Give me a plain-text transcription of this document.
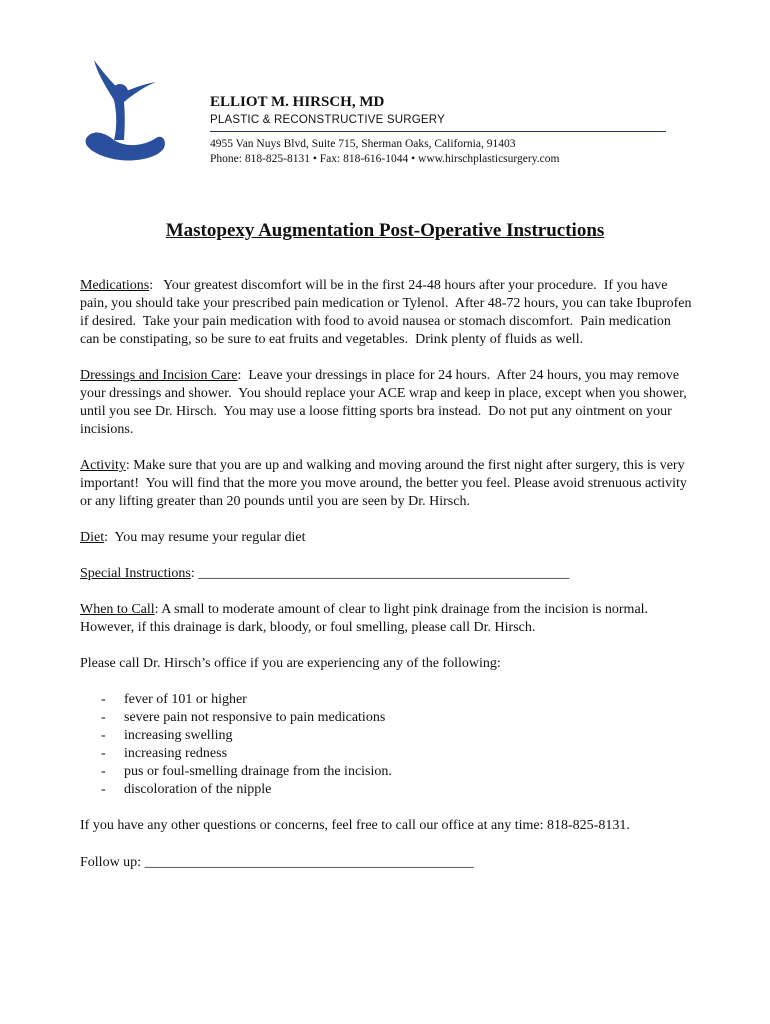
ELLIOT M. HIRSCH, MD
PLASTIC & RECONSTRUCTIVE SURGERY
4955 Van Nuys Blvd, Suite 715, Sherman Oaks, California, 91403
Phone: 818-825-8131 • Fax: 818-616-1044 • www.hirschplasticsurgery.com
Mastopexy Augmentation Post-Operative Instructions

Medications:   Your greatest discomfort will be in the first 24-48 hours after your procedure.  If you have pain, you should take your prescribed pain medication or Tylenol.  After 48-72 hours, you can take Ibuprofen if desired.  Take your pain medication with food to avoid nausea or stomach discomfort.  Pain medication can be constipating, so be sure to eat fruits and vegetables.  Drink plenty of fluids as well.

Dressings and Incision Care:  Leave your dressings in place for 24 hours.  After 24 hours, you may remove your dressings and shower.  You should replace your ACE wrap and keep in place, except when you shower, until you see Dr. Hirsch.  You may use a loose fitting sports bra instead.  Do not put any ointment on your incisions.

Activity: Make sure that you are up and walking and moving around the first night after surgery, this is very important!  You will find that the more you move around, the better you feel. Please avoid strenuous activity or any lifting greater than 20 pounds until you are seen by Dr. Hirsch.

Diet:  You may resume your regular diet

Special Instructions: _____________________________________________________

When to Call: A small to moderate amount of clear to light pink drainage from the incision is normal. However, if this drainage is dark, bloody, or foul smelling, please call Dr. Hirsch.

Please call Dr. Hirsch’s office if you are experiencing any of the following:

- fever of 101 or higher
- severe pain not responsive to pain medications
- increasing swelling
- increasing redness
- pus or foul-smelling drainage from the incision.
- discoloration of the nipple

If you have any other questions or concerns, feel free to call our office at any time: 818-825-8131.

Follow up: _______________________________________________
